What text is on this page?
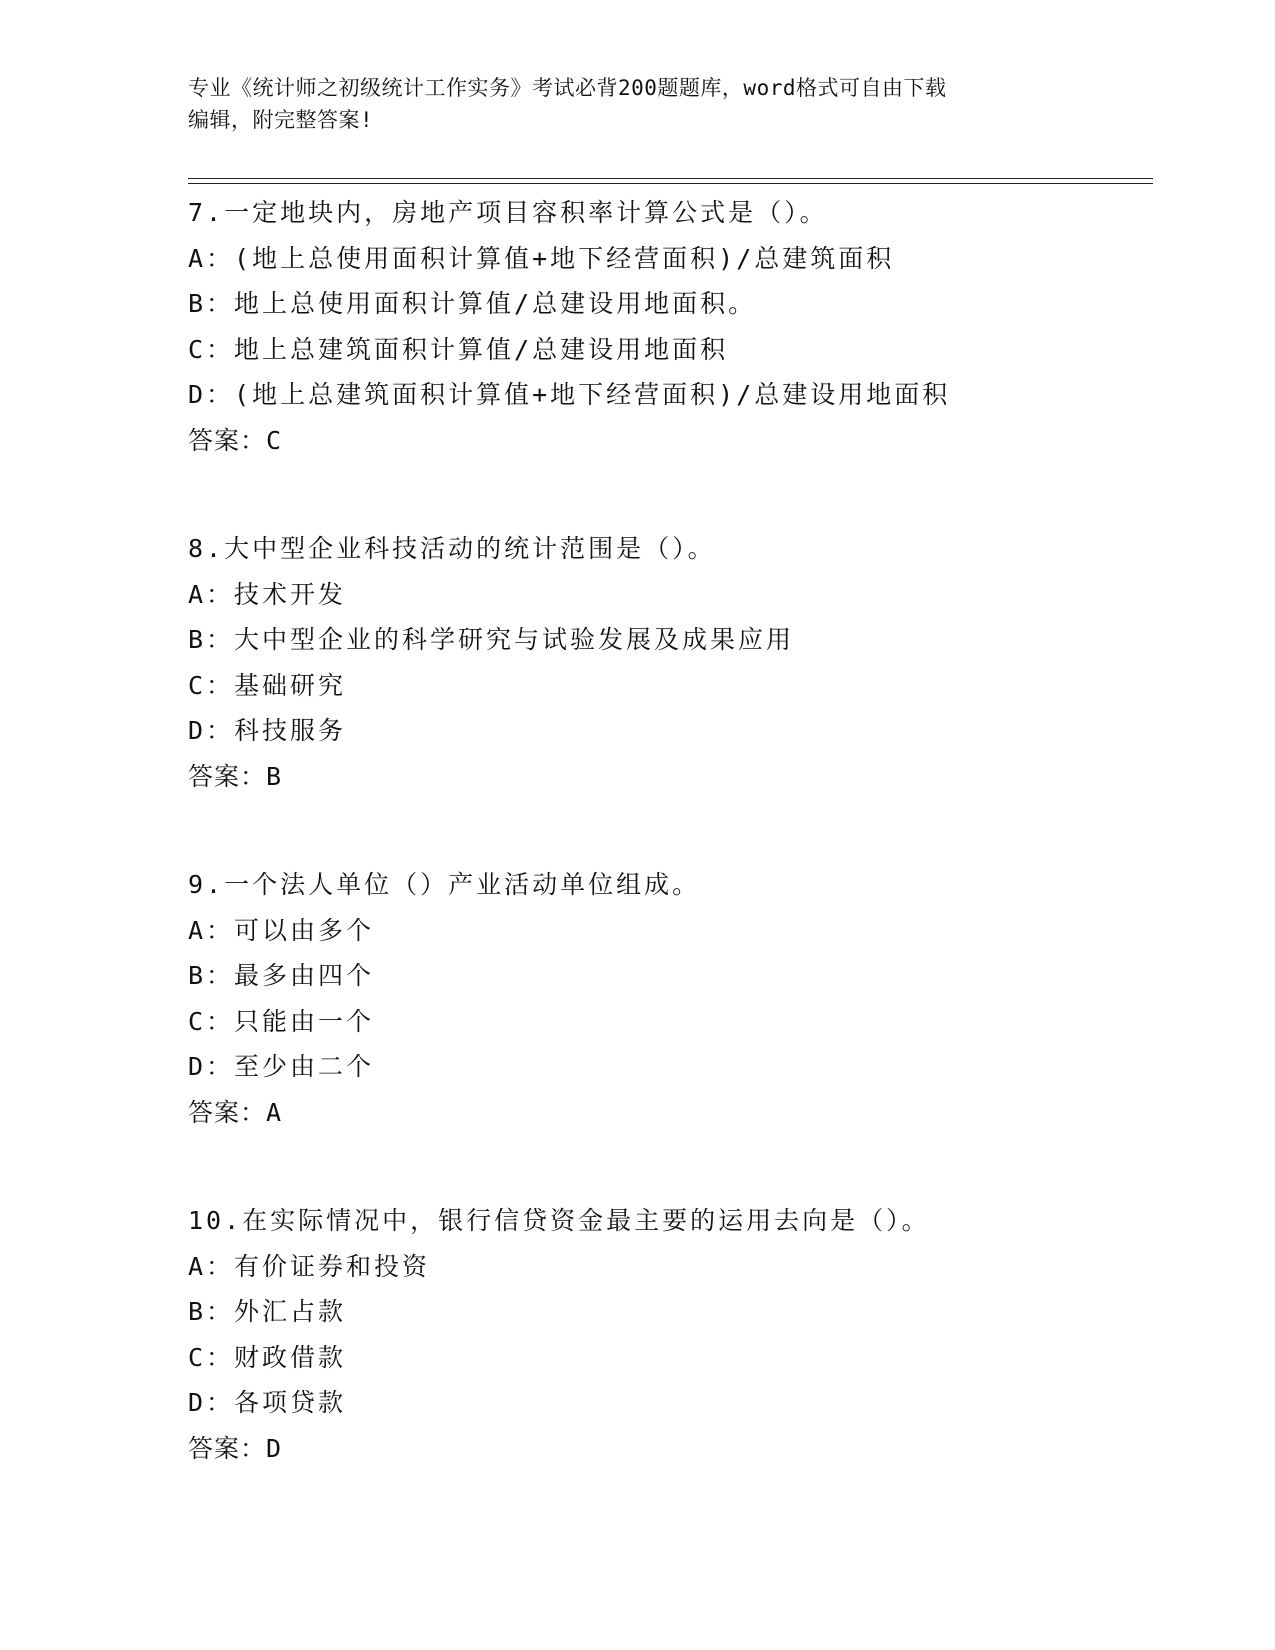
专业《统计师之初级统计工作实务》考试必背200题题库，word格式可自由下载
编辑，附完整答案!
7.一定地块内，房地产项目容积率计算公式是（）。
A：(地上总使用面积计算值+地下经营面积)/总建筑面积
B：地上总使用面积计算值/总建设用地面积。
C：地上总建筑面积计算值/总建设用地面积
D：(地上总建筑面积计算值+地下经营面积)/总建设用地面积
答案：C
8.大中型企业科技活动的统计范围是（）。
A：技术开发
B：大中型企业的科学研究与试验发展及成果应用
C：基础研究
D：科技服务
答案：B
9.一个法人单位（）产业活动单位组成。
A：可以由多个
B：最多由四个
C：只能由一个
D：至少由二个
答案：A
10.在实际情况中，银行信贷资金最主要的运用去向是（）。
A：有价证券和投资
B：外汇占款
C：财政借款
D：各项贷款
答案：D
